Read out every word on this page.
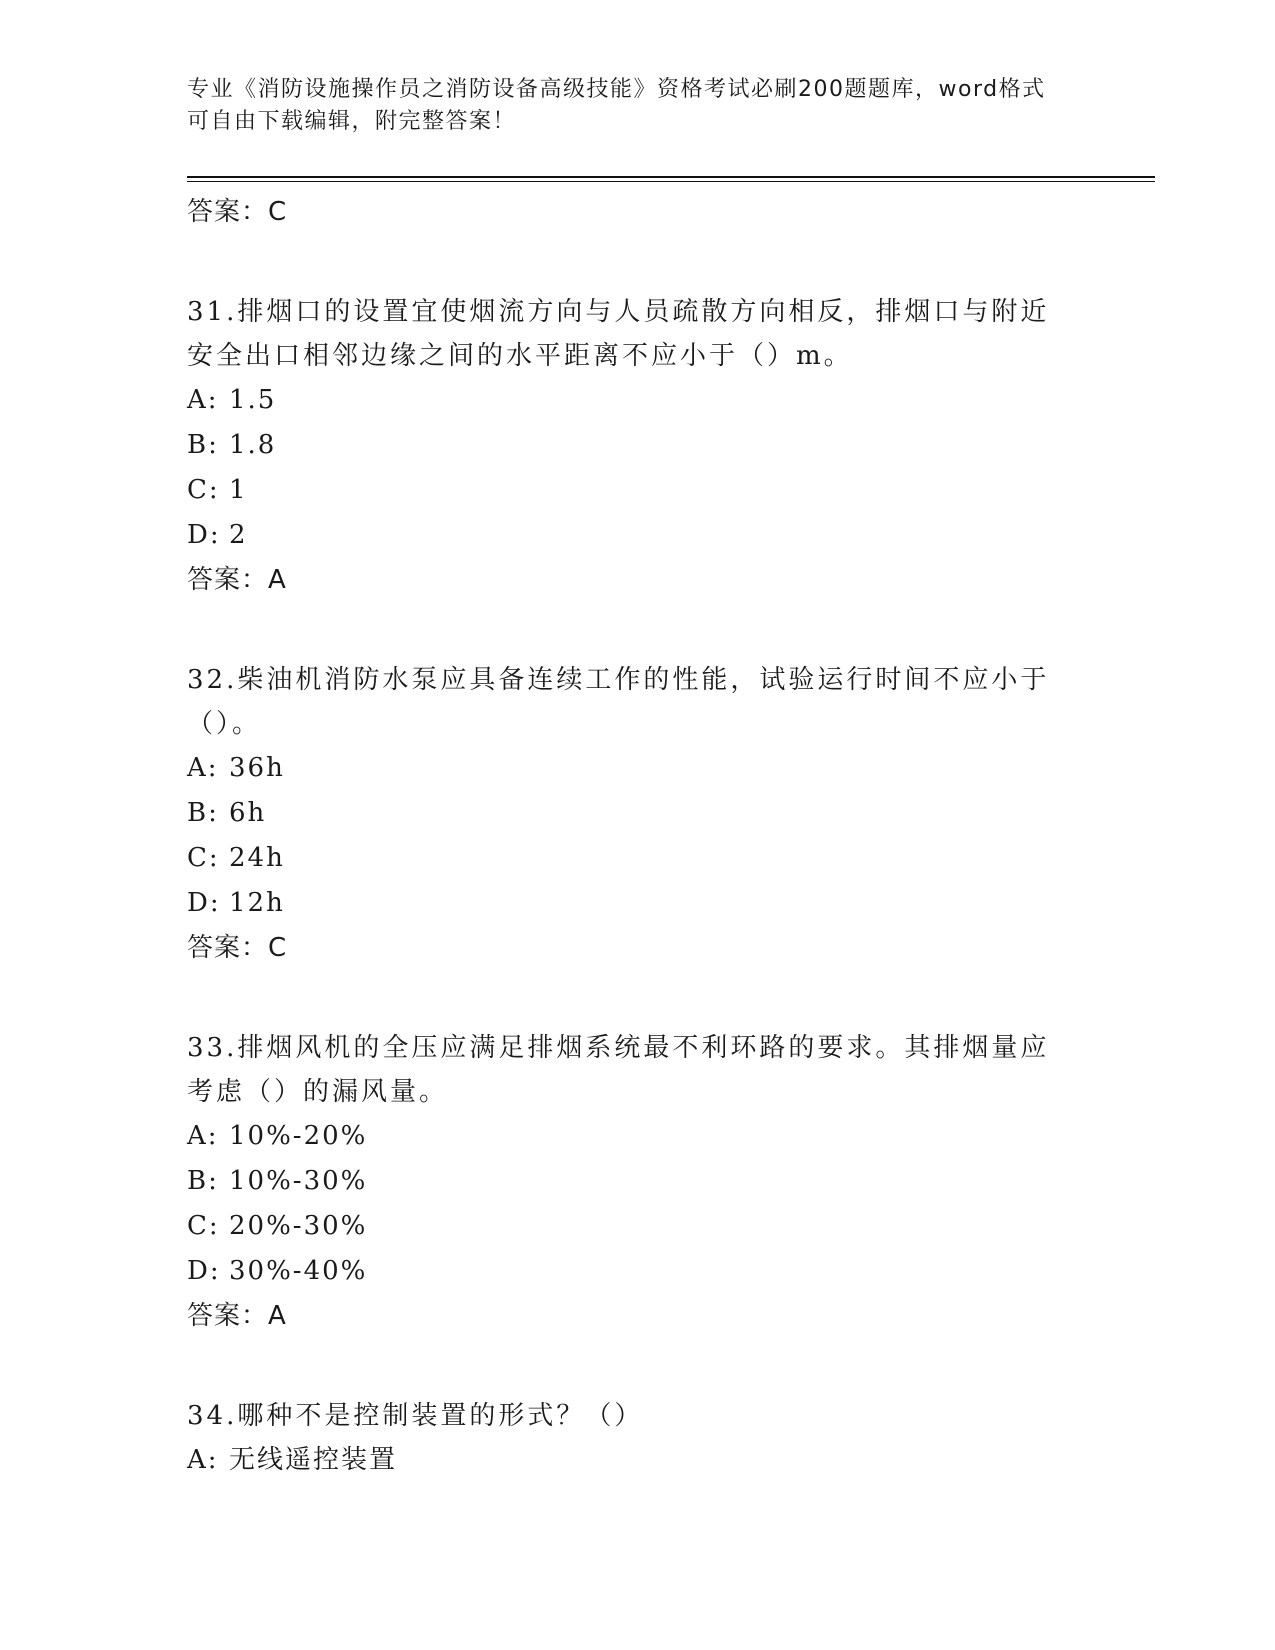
专业《消防设施操作员之消防设备高级技能》资格考试必刷200题题库，word格式可自由下载编辑，附完整答案！
答案：C
31.排烟口的设置宜使烟流方向与人员疏散方向相反，排烟口与附近安全出口相邻边缘之间的水平距离不应小于（）m。
A: 1.5
B: 1.8
C: 1
D: 2
答案：A
32.柴油机消防水泵应具备连续工作的性能，试验运行时间不应小于（）。
A: 36h
B: 6h
C: 24h
D: 12h
答案：C
33.排烟风机的全压应满足排烟系统最不利环路的要求。其排烟量应考虑（）的漏风量。
A: 10%-20%
B: 10%-30%
C: 20%-30%
D: 30%-40%
答案：A
34.哪种不是控制装置的形式？（）
A: 无线遥控装置
